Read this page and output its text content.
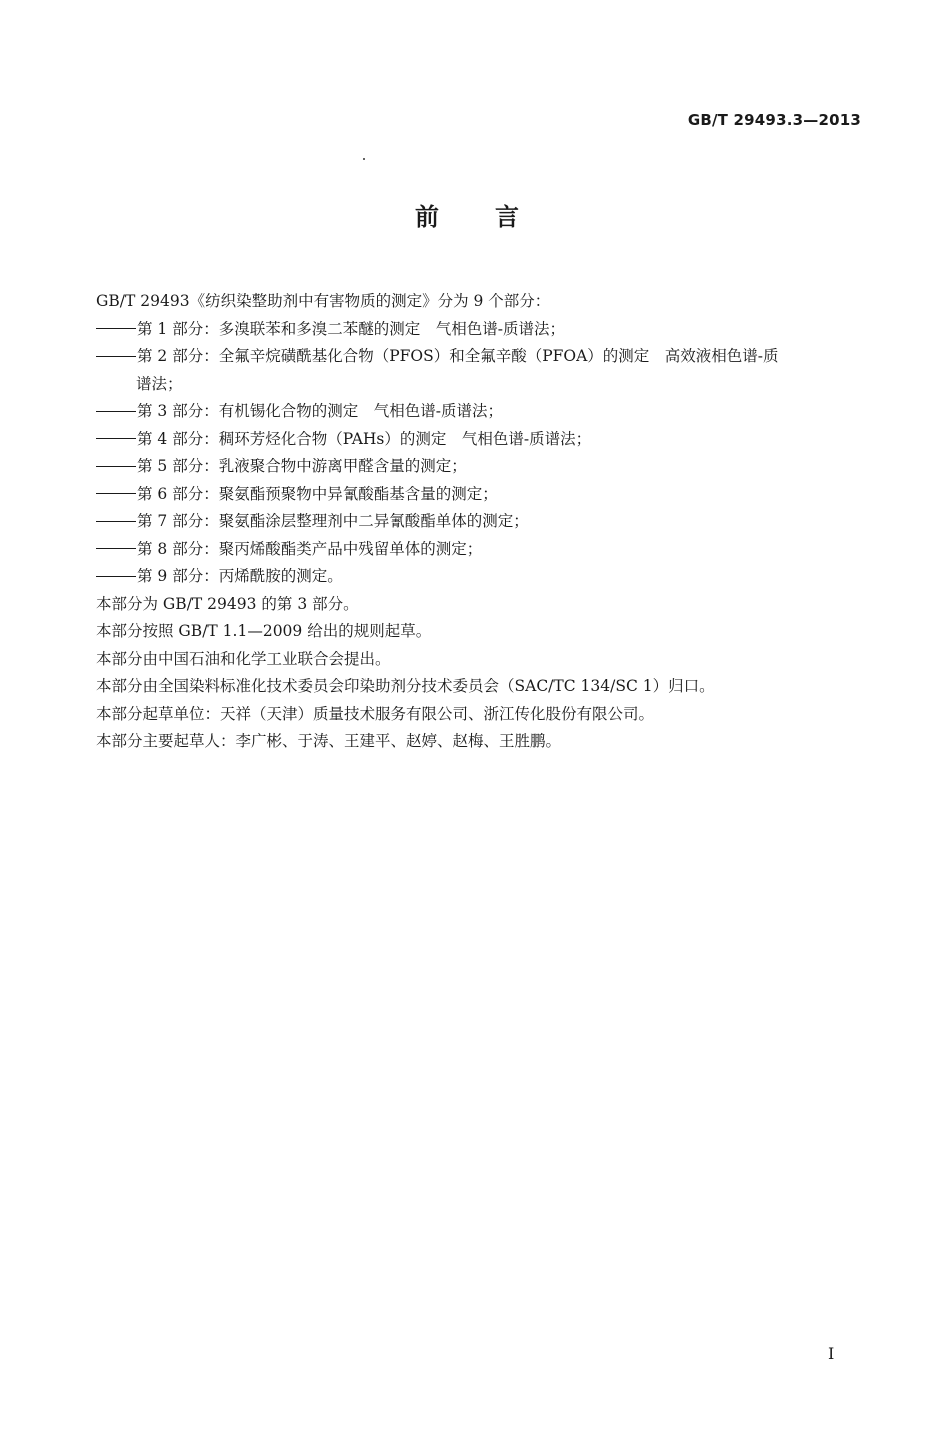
GB/T 29493.3—2013
前言
GB/T 29493《纺织染整助剂中有害物质的测定》分为 9 个部分：
第 1 部分：多溴联苯和多溴二苯醚的测定　气相色谱-质谱法；
第 2 部分：全氟辛烷磺酰基化合物（PFOS）和全氟辛酸（PFOA）的测定　高效液相色谱-质
谱法；
第 3 部分：有机锡化合物的测定　气相色谱-质谱法；
第 4 部分：稠环芳烃化合物（PAHs）的测定　气相色谱-质谱法；
第 5 部分：乳液聚合物中游离甲醛含量的测定；
第 6 部分：聚氨酯预聚物中异氰酸酯基含量的测定；
第 7 部分：聚氨酯涂层整理剂中二异氰酸酯单体的测定；
第 8 部分：聚丙烯酸酯类产品中残留单体的测定；
第 9 部分：丙烯酰胺的测定。
本部分为 GB/T 29493 的第 3 部分。
本部分按照 GB/T 1.1—2009 给出的规则起草。
本部分由中国石油和化学工业联合会提出。
本部分由全国染料标准化技术委员会印染助剂分技术委员会（SAC/TC 134/SC 1）归口。
本部分起草单位：天祥（天津）质量技术服务有限公司、浙江传化股份有限公司。
本部分主要起草人：李广彬、于涛、王建平、赵婷、赵梅、王胜鹏。
I
